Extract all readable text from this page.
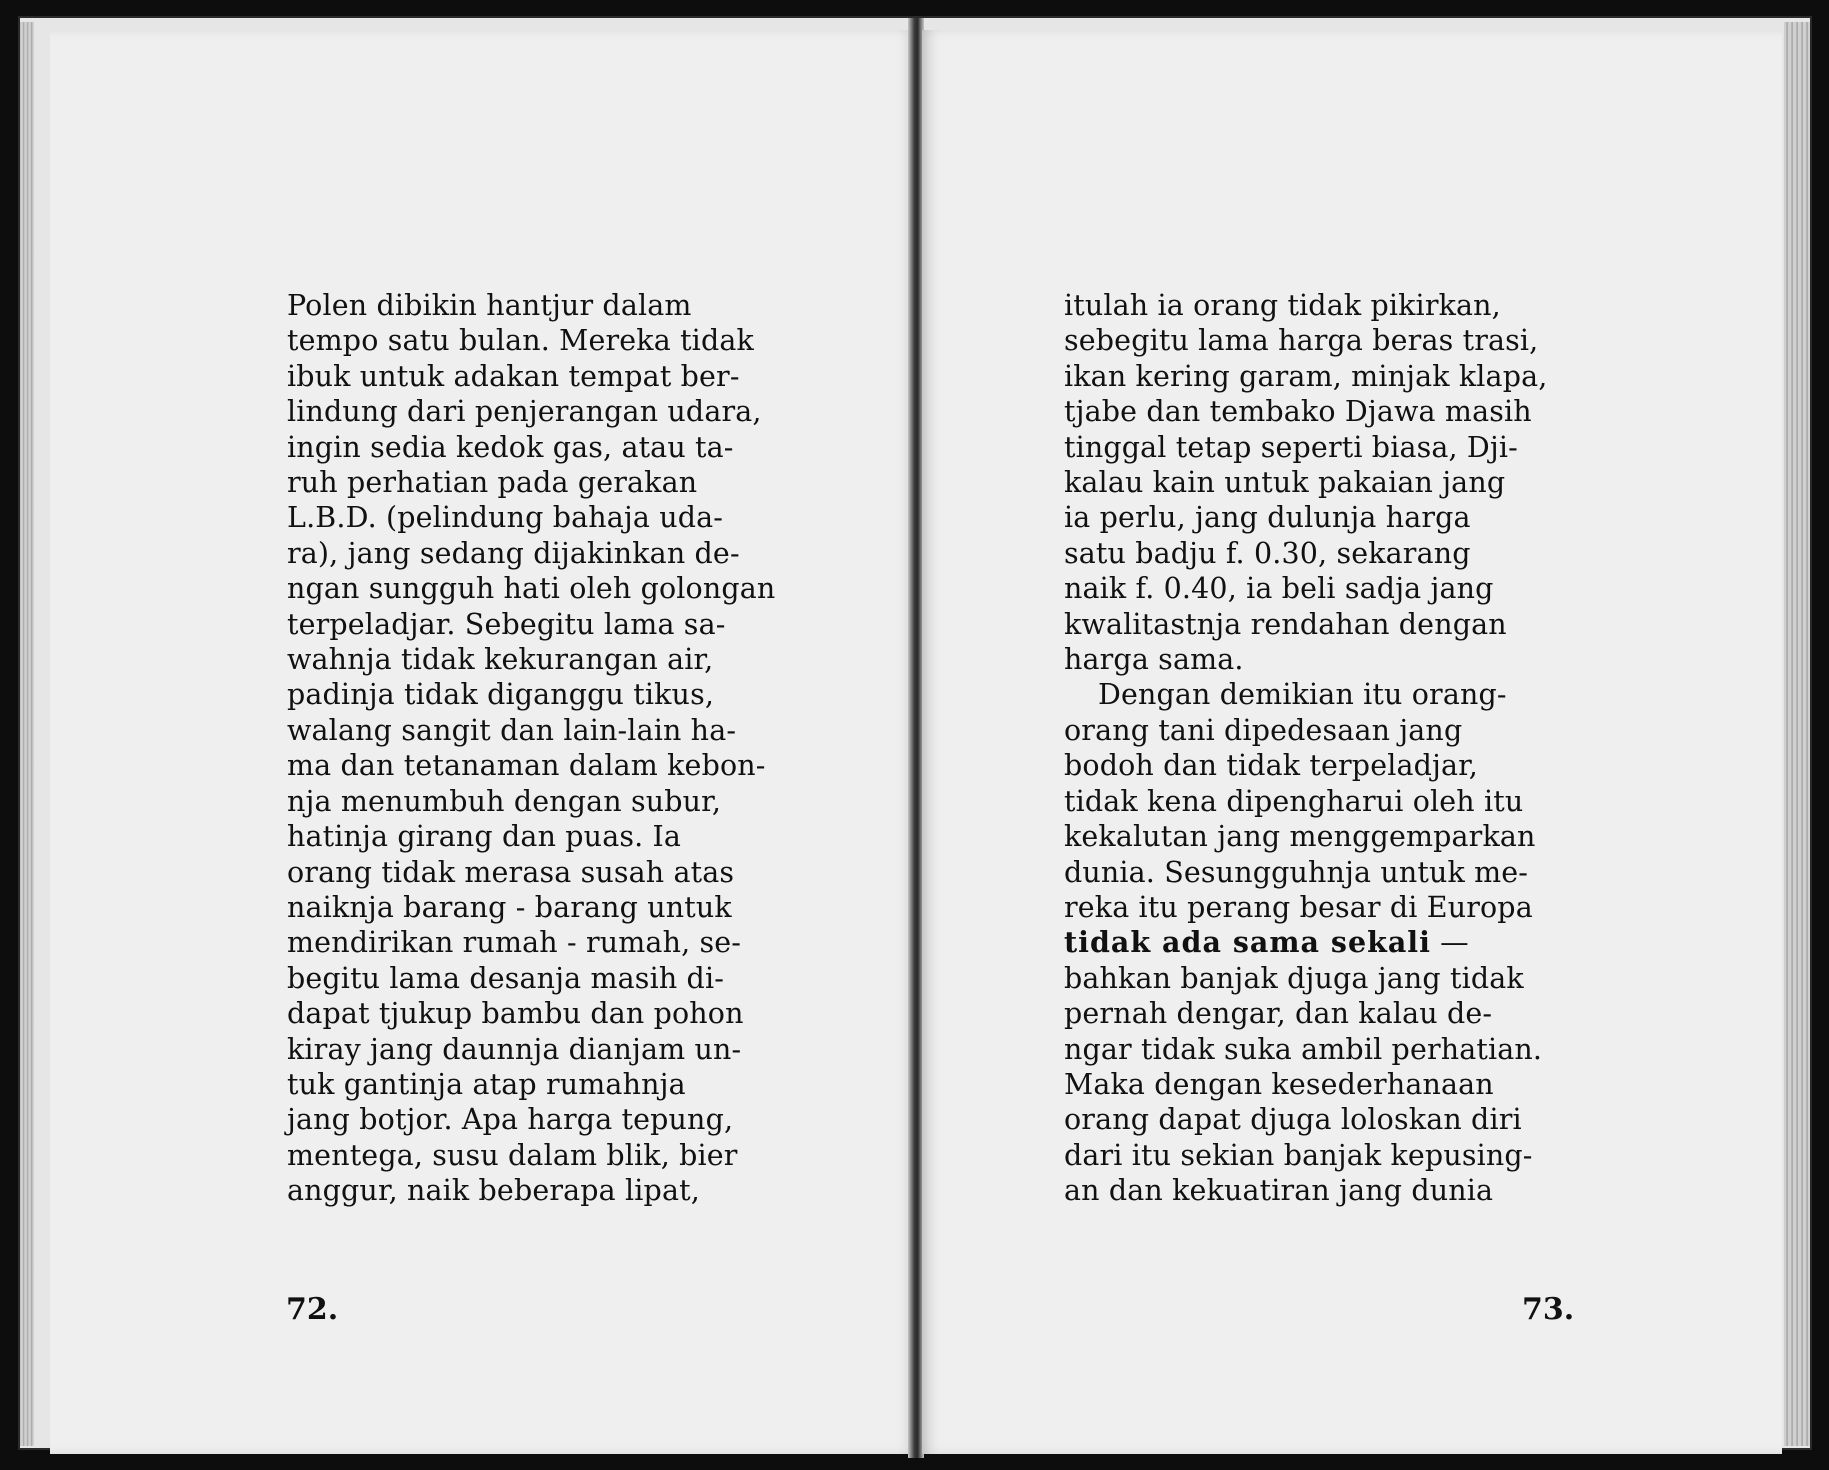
Polen dibikin hantjur dalam
tempo satu bulan. Mereka tidak
ibuk untuk adakan tempat ber-
lindung dari penjerangan udara,
ingin sedia kedok gas, atau ta-
ruh perhatian pada gerakan
L.B.D. (pelindung bahaja uda-
ra), jang sedang dijakinkan de-
ngan sungguh hati oleh golongan
terpeladjar. Sebegitu lama sa-
wahnja tidak kekurangan air,
padinja tidak diganggu tikus,
walang sangit dan lain-lain ha-
ma dan tetanaman dalam kebon-
nja menumbuh dengan subur,
hatinja girang dan puas. Ia
orang tidak merasa susah atas
naiknja barang - barang untuk
mendirikan rumah - rumah, se-
begitu lama desanja masih di-
dapat tjukup bambu dan pohon
kiray jang daunnja dianjam un-
tuk gantinja atap rumahnja
jang botjor. Apa harga tepung,
mentega, susu dalam blik, bier
anggur, naik beberapa lipat,
72.
itulah ia orang tidak pikirkan,
sebegitu lama harga beras trasi,
ikan kering garam, minjak klapa,
tjabe dan tembako Djawa masih
tinggal tetap seperti biasa, Dji-
kalau kain untuk pakaian jang
ia perlu, jang dulunja harga
satu badju f. 0.30, sekarang
naik f. 0.40, ia beli sadja jang
kwalitastnja rendahan dengan
harga sama.
Dengan demikian itu orang-
orang tani dipedesaan jang
bodoh dan tidak terpeladjar,
tidak kena dipengharui oleh itu
kekalutan jang menggemparkan
dunia. Sesungguhnja untuk me-
reka itu perang besar di Europa
tidak ada sama sekali —
bahkan banjak djuga jang tidak
pernah dengar, dan kalau de-
ngar tidak suka ambil perhatian.
Maka dengan kesederhanaan
orang dapat djuga loloskan diri
dari itu sekian banjak kepusing-
an dan kekuatiran jang dunia
73.
